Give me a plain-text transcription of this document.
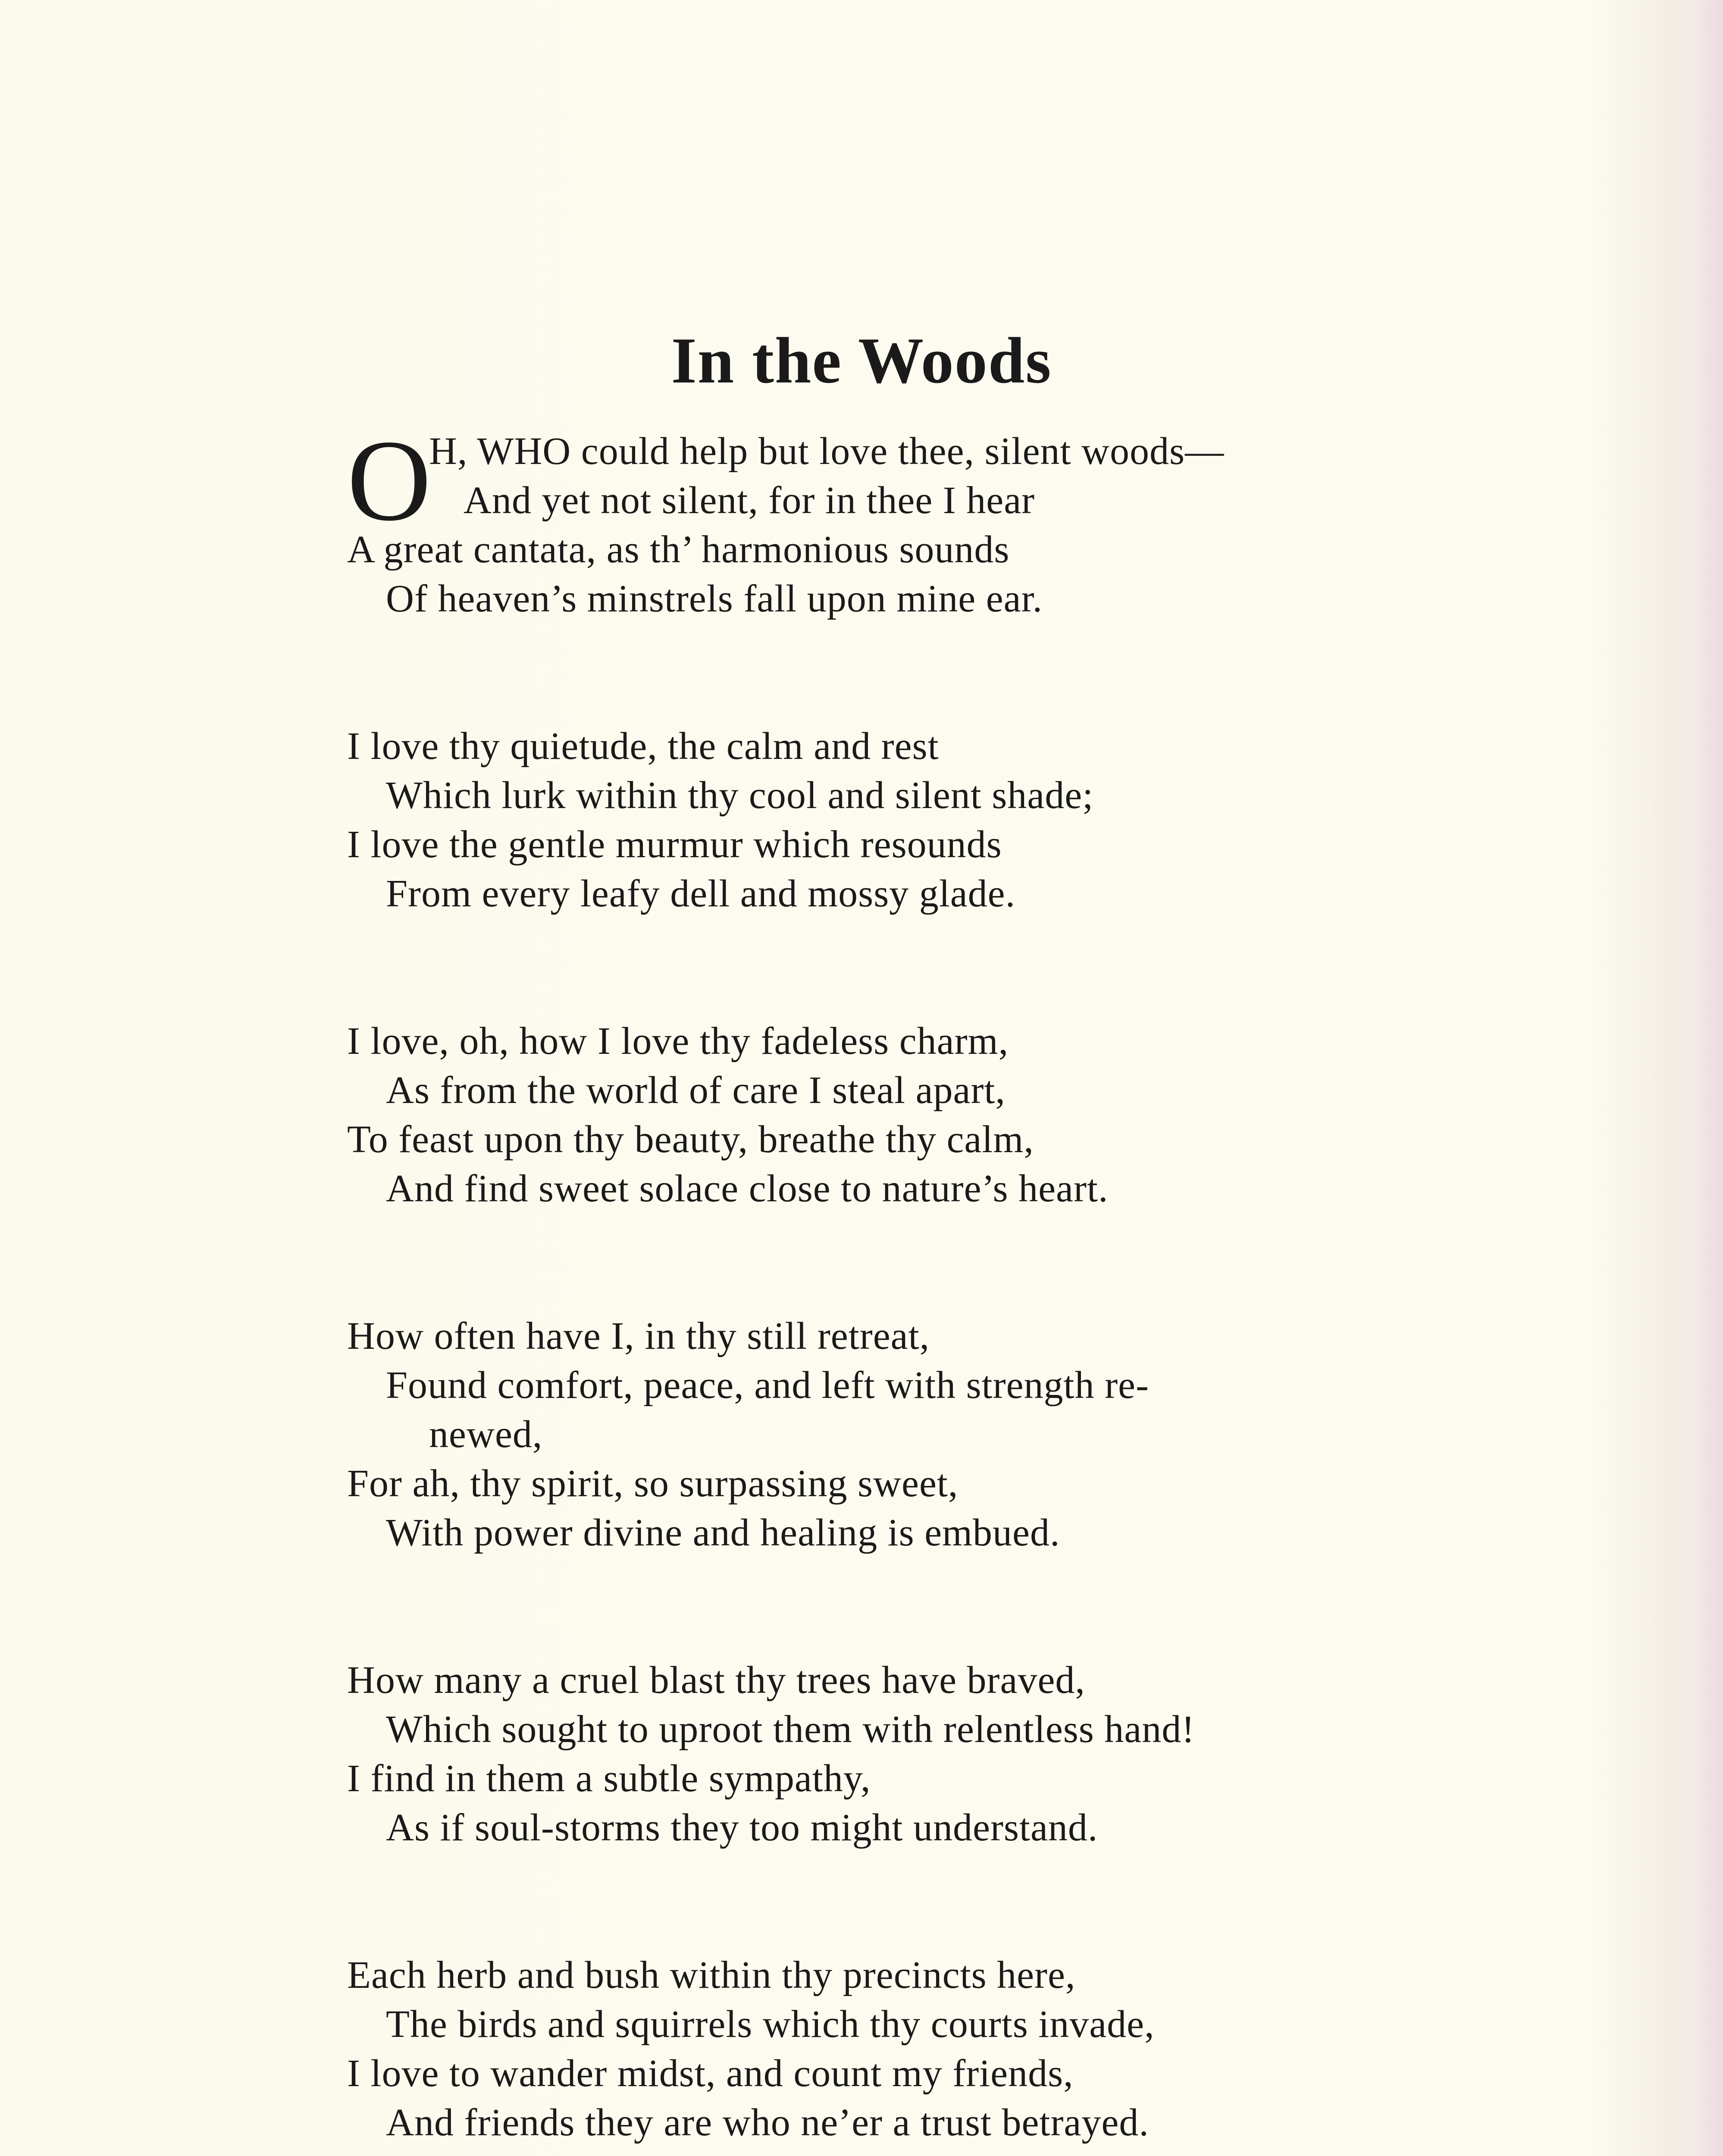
In the Woods
O
H, WHO could help but love thee, silent woods—
And yet not silent, for in thee I hear
A great cantata, as th’ harmonious sounds
Of heaven’s minstrels fall upon mine ear.
I love thy quietude, the calm and rest
Which lurk within thy cool and silent shade;
I love the gentle murmur which resounds
From every leafy dell and mossy glade.
I love, oh, how I love thy fadeless charm,
As from the world of care I steal apart,
To feast upon thy beauty, breathe thy calm,
And find sweet solace close to nature’s heart.
How often have I, in thy still retreat,
Found comfort, peace, and left with strength re-
newed,
For ah, thy spirit, so surpassing sweet,
With power divine and healing is embued.
How many a cruel blast thy trees have braved,
Which sought to uproot them with relentless hand!
I find in them a subtle sympathy,
As if soul-storms they too might understand.
Each herb and bush within thy precincts here,
The birds and squirrels which thy courts invade,
I love to wander midst, and count my friends,
And friends they are who ne’er a trust betrayed.
